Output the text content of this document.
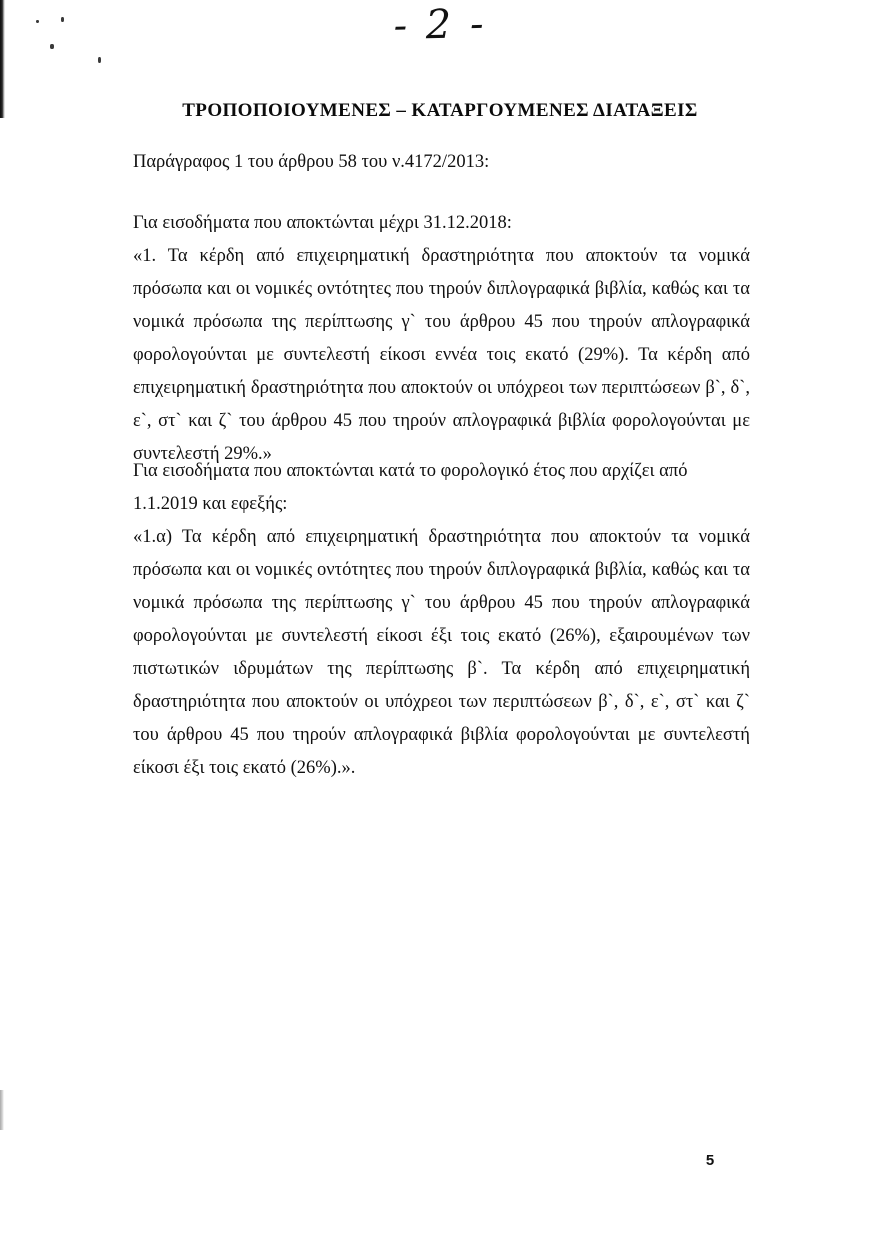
- 2 -
ΤΡΟΠΟΠΟΙΟΥΜΕΝΕΣ – ΚΑΤΑΡΓΟΥΜΕΝΕΣ ΔΙΑΤΑΞΕΙΣ
Παράγραφος 1 του άρθρου 58 του ν.4172/2013:
Για εισοδήματα που αποκτώνται μέχρι 31.12.2018:
«1. Τα κέρδη από επιχειρηματική δραστηριότητα που αποκτούν τα νομικά πρόσωπα και οι νομικές οντότητες που τηρούν διπλογραφικά βιβλία, καθώς και τα νομικά πρόσωπα της περίπτωσης γ` του άρθρου 45 που τηρούν απλογραφικά φορολογούνται με συντελεστή είκοσι εννέα τοις εκατό (29%). Τα κέρδη από επιχειρηματική δραστηριότητα που αποκτούν οι υπόχρεοι των περιπτώσεων β`, δ`, ε`, στ` και ζ` του άρθρου 45 που τηρούν απλογραφικά βιβλία φορολογούνται με συντελεστή 29%.»
Για εισοδήματα που αποκτώνται κατά το φορολογικό έτος που αρχίζει από 1.1.2019 και εφεξής:
«1.α) Τα κέρδη από επιχειρηματική δραστηριότητα που αποκτούν τα νομικά πρόσωπα και οι νομικές οντότητες που τηρούν διπλογραφικά βιβλία, καθώς και τα νομικά πρόσωπα της περίπτωσης γ` του άρθρου 45 που τηρούν απλογραφικά φορολογούνται με συντελεστή είκοσι έξι τοις εκατό (26%), εξαιρουμένων των πιστωτικών ιδρυμάτων της περίπτωσης β`. Τα κέρδη από επιχειρηματική δραστηριότητα που αποκτούν οι υπόχρεοι των περιπτώσεων β`, δ`, ε`, στ` και ζ` του άρθρου 45 που τηρούν απλογραφικά βιβλία φορολογούνται με συντελεστή είκοσι έξι τοις εκατό (26%).».
5
